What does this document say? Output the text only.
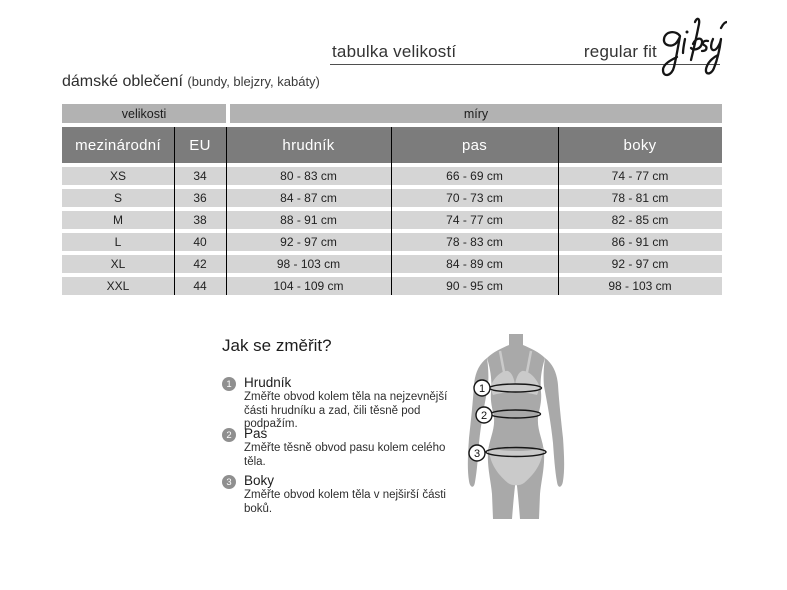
tabulka velikostí	regular fit
dámské oblečení (bundy, blejzry, kabáty)
velikosti	míry
mezinárodní	EU	hrudník	pas	boky
XS	34	80 - 83 cm	66 - 69 cm	74 - 77 cm
S	36	84 - 87 cm	70 - 73 cm	78 - 81 cm
M	38	88 - 91 cm	74 - 77 cm	82 - 85 cm
L	40	92 - 97 cm	78 - 83 cm	86 - 91 cm
XL	42	98 - 103 cm	84 - 89 cm	92 - 97 cm
XXL	44	104 - 109 cm	90 - 95 cm	98 - 103 cm
Jak se změřit?
1 Hrudník
Změřte obvod kolem těla na nejzevnější části hrudníku a zad, čili těsně pod podpažím.
2 Pas
Změřte těsně obvod pasu kolem celého těla.
3 Boky
Změřte obvod kolem těla v nejširší části boků.
1
2
3
